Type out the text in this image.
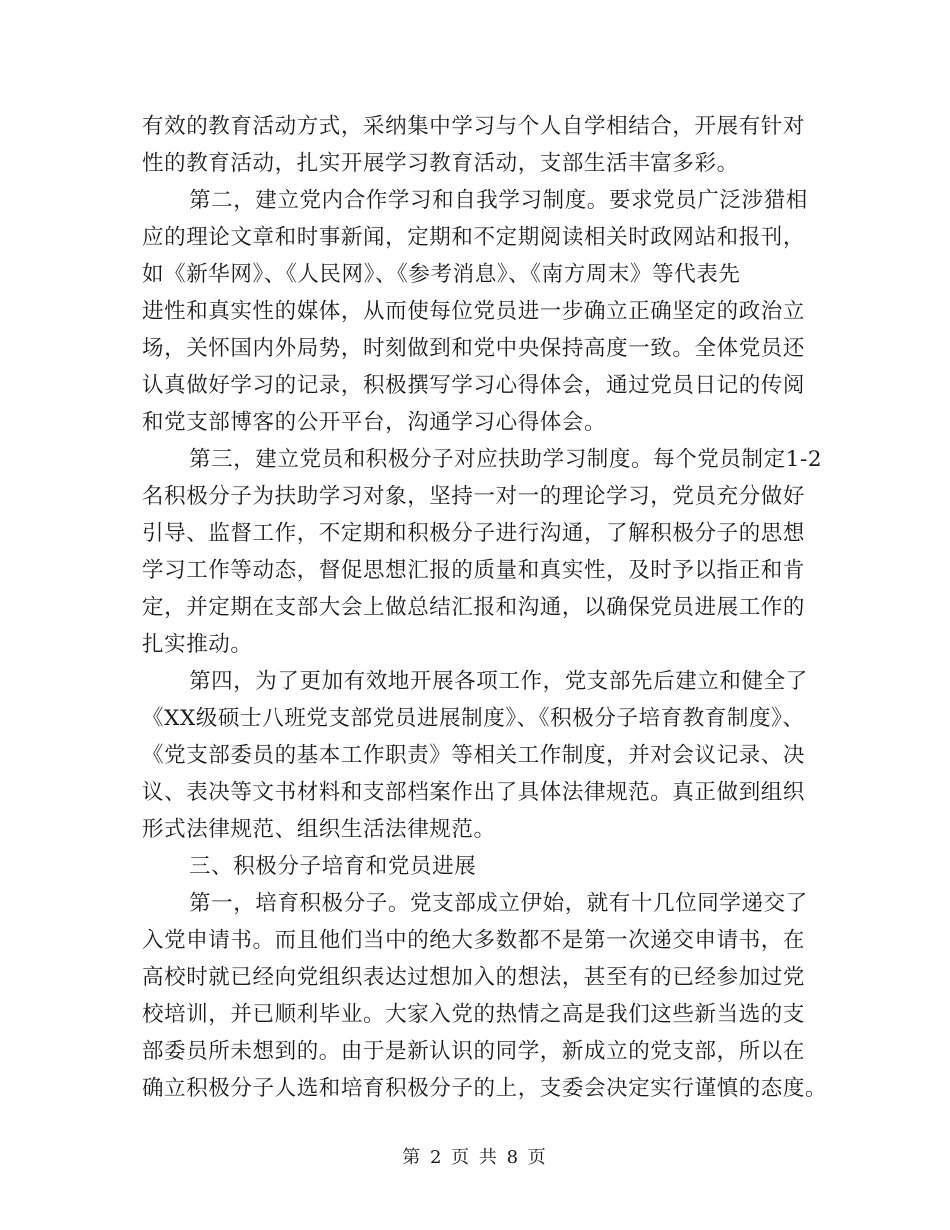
有效的教育活动方式，采纳集中学习与个人自学相结合，开展有针对
性的教育活动，扎实开展学习教育活动，支部生活丰富多彩。
第二，建立党内合作学习和自我学习制度。要求党员广泛涉猎相
应的理论文章和时事新闻，定期和不定期阅读相关时政网站和报刊，
如《新华网》、《人民网》、《参考消息》、《南方周末》等代表先
进性和真实性的媒体，从而使每位党员进一步确立正确坚定的政治立
场，关怀国内外局势，时刻做到和党中央保持高度一致。全体党员还
认真做好学习的记录，积极撰写学习心得体会，通过党员日记的传阅
和党支部博客的公开平台，沟通学习心得体会。
第三，建立党员和积极分子对应扶助学习制度。每个党员制定1-2
名积极分子为扶助学习对象，坚持一对一的理论学习，党员充分做好
引导、监督工作，不定期和积极分子进行沟通，了解积极分子的思想
学习工作等动态，督促思想汇报的质量和真实性，及时予以指正和肯
定，并定期在支部大会上做总结汇报和沟通，以确保党员进展工作的
扎实推动。
第四，为了更加有效地开展各项工作，党支部先后建立和健全了
《XX级硕士八班党支部党员进展制度》、《积极分子培育教育制度》、
《党支部委员的基本工作职责》等相关工作制度，并对会议记录、决
议、表决等文书材料和支部档案作出了具体法律规范。真正做到组织
形式法律规范、组织生活法律规范。
三、积极分子培育和党员进展
第一，培育积极分子。党支部成立伊始，就有十几位同学递交了
入党申请书。而且他们当中的绝大多数都不是第一次递交申请书，在
高校时就已经向党组织表达过想加入的想法，甚至有的已经参加过党
校培训，并已顺利毕业。大家入党的热情之高是我们这些新当选的支
部委员所未想到的。由于是新认识的同学，新成立的党支部，所以在
确立积极分子人选和培育积极分子的上，支委会决定实行谨慎的态度。
第 2 页 共 8 页
